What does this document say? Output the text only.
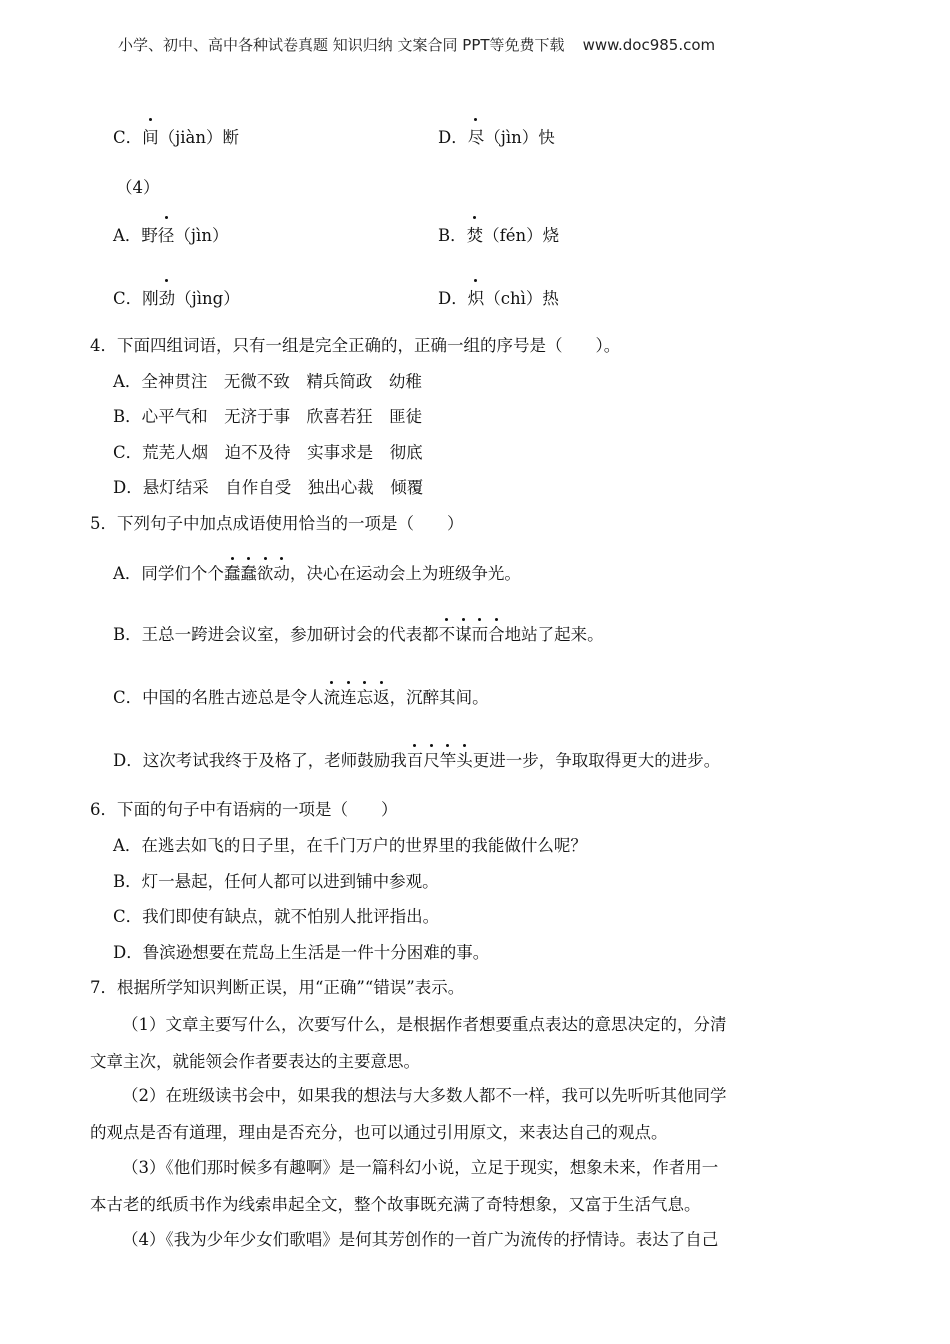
小学、初中、高中各种试卷真题 知识归纳 文案合同 PPT等免费下载 www.doc985.com
C．间（jiàn）断	D．尽（jìn）快
（4）
A．野径（jìn）	B．焚（fén）烧
C．刚劲（jìng）	D．炽（chì）热
4．下面四组词语，只有一组是完全正确的，正确一组的序号是（　　）。
A．全神贯注　无微不致　精兵简政　幼稚
B．心平气和　无济于事　欣喜若狂　匪徒
C．荒芜人烟　迫不及待　实事求是　彻底
D．悬灯结采　自作自受　独出心裁　倾覆
5．下列句子中加点成语使用恰当的一项是（　　）
A．同学们个个蠢蠢欲动，决心在运动会上为班级争光。
B．王总一跨进会议室，参加研讨会的代表都不谋而合地站了起来。
C．中国的名胜古迹总是令人流连忘返，沉醉其间。
D．这次考试我终于及格了，老师鼓励我百尺竿头更进一步，争取取得更大的进步。
6．下面的句子中有语病的一项是（　　）
A．在逃去如飞的日子里，在千门万户的世界里的我能做什么呢？
B．灯一悬起，任何人都可以进到铺中参观。
C．我们即使有缺点，就不怕别人批评指出。
D．鲁滨逊想要在荒岛上生活是一件十分困难的事。
7．根据所学知识判断正误，用“正确”“错误”表示。
（1）文章主要写什么，次要写什么，是根据作者想要重点表达的意思决定的，分清
文章主次，就能领会作者要表达的主要意思。
（2）在班级读书会中，如果我的想法与大多数人都不一样，我可以先听听其他同学
的观点是否有道理，理由是否充分，也可以通过引用原文，来表达自己的观点。
（3）《他们那时候多有趣啊》是一篇科幻小说，立足于现实，想象未来，作者用一
本古老的纸质书作为线索串起全文，整个故事既充满了奇特想象，又富于生活气息。
（4）《我为少年少女们歌唱》是何其芳创作的一首广为流传的抒情诗。表达了自己
